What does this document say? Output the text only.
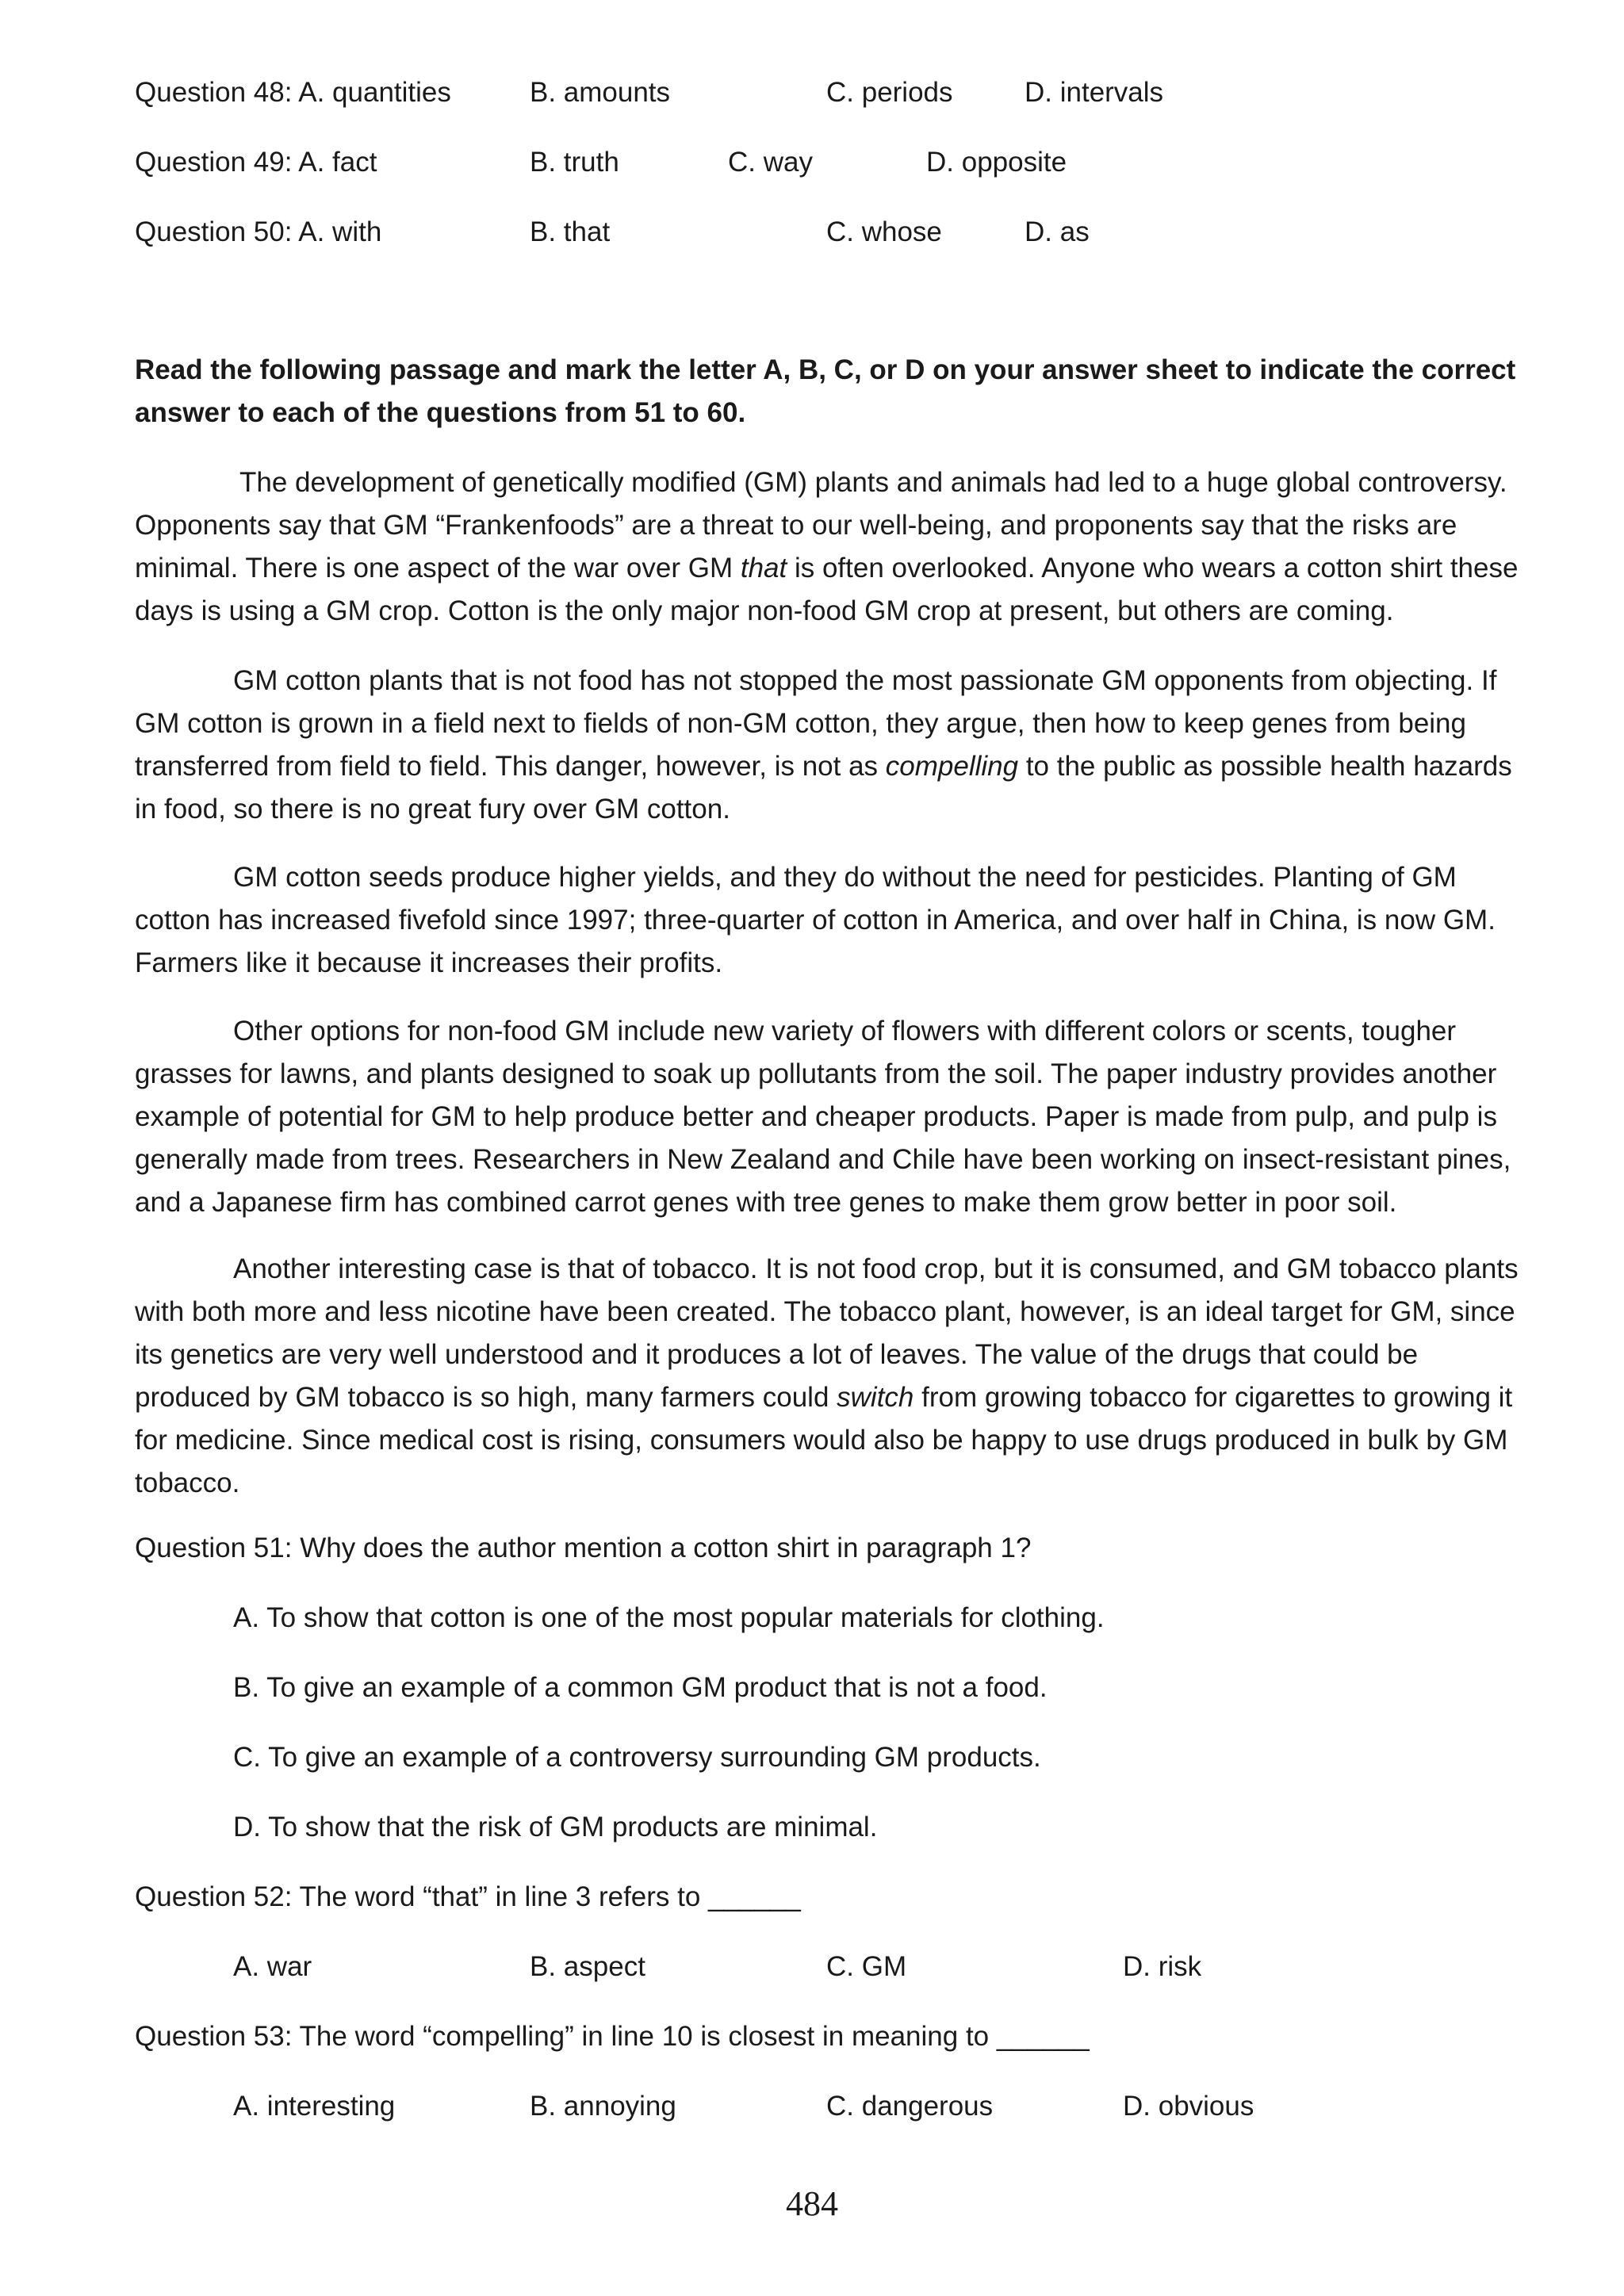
Question 48: A. quantities	B. amounts	C. periods	D. intervals
Question 49: A. fact	B. truth	C. way	D. opposite
Question 50: A. with	B. that	C. whose	D. as
Read the following passage and mark the letter A, B, C, or D on your answer sheet to indicate the correct answer to each of the questions from 51 to 60.
The development of genetically modified (GM) plants and animals had led to a huge global controversy. Opponents say that GM “Frankenfoods” are a threat to our well-being, and proponents say that the risks are minimal. There is one aspect of the war over GM that is often overlooked. Anyone who wears a cotton shirt these days is using a GM crop. Cotton is the only major non-food GM crop at present, but others are coming.
GM cotton plants that is not food has not stopped the most passionate GM opponents from objecting. If GM cotton is grown in a field next to fields of non-GM cotton, they argue, then how to keep genes from being transferred from field to field. This danger, however, is not as compelling to the public as possible health hazards in food, so there is no great fury over GM cotton.
GM cotton seeds produce higher yields, and they do without the need for pesticides. Planting of GM cotton has increased fivefold since 1997; three-quarter of cotton in America, and over half in China, is now GM. Farmers like it because it increases their profits.
Other options for non-food GM include new variety of flowers with different colors or scents, tougher grasses for lawns, and plants designed to soak up pollutants from the soil. The paper industry provides another example of potential for GM to help produce better and cheaper products. Paper is made from pulp, and pulp is generally made from trees. Researchers in New Zealand and Chile have been working on insect-resistant pines, and a Japanese firm has combined carrot genes with tree genes to make them grow better in poor soil.
Another interesting case is that of tobacco. It is not food crop, but it is consumed, and GM tobacco plants with both more and less nicotine have been created. The tobacco plant, however, is an ideal target for GM, since its genetics are very well understood and it produces a lot of leaves. The value of the drugs that could be produced by GM tobacco is so high, many farmers could switch from growing tobacco for cigarettes to growing it for medicine. Since medical cost is rising, consumers would also be happy to use drugs produced in bulk by GM tobacco.
Question 51: Why does the author mention a cotton shirt in paragraph 1?
A. To show that cotton is one of the most popular materials for clothing.
B. To give an example of a common GM product that is not a food.
C. To give an example of a controversy surrounding GM products.
D. To show that the risk of GM products are minimal.
Question 52: The word “that” in line 3 refers to ______
A. war	B. aspect	C. GM	D. risk
Question 53: The word “compelling” in line 10 is closest in meaning to ______
A. interesting	B. annoying	C. dangerous	D. obvious
484
